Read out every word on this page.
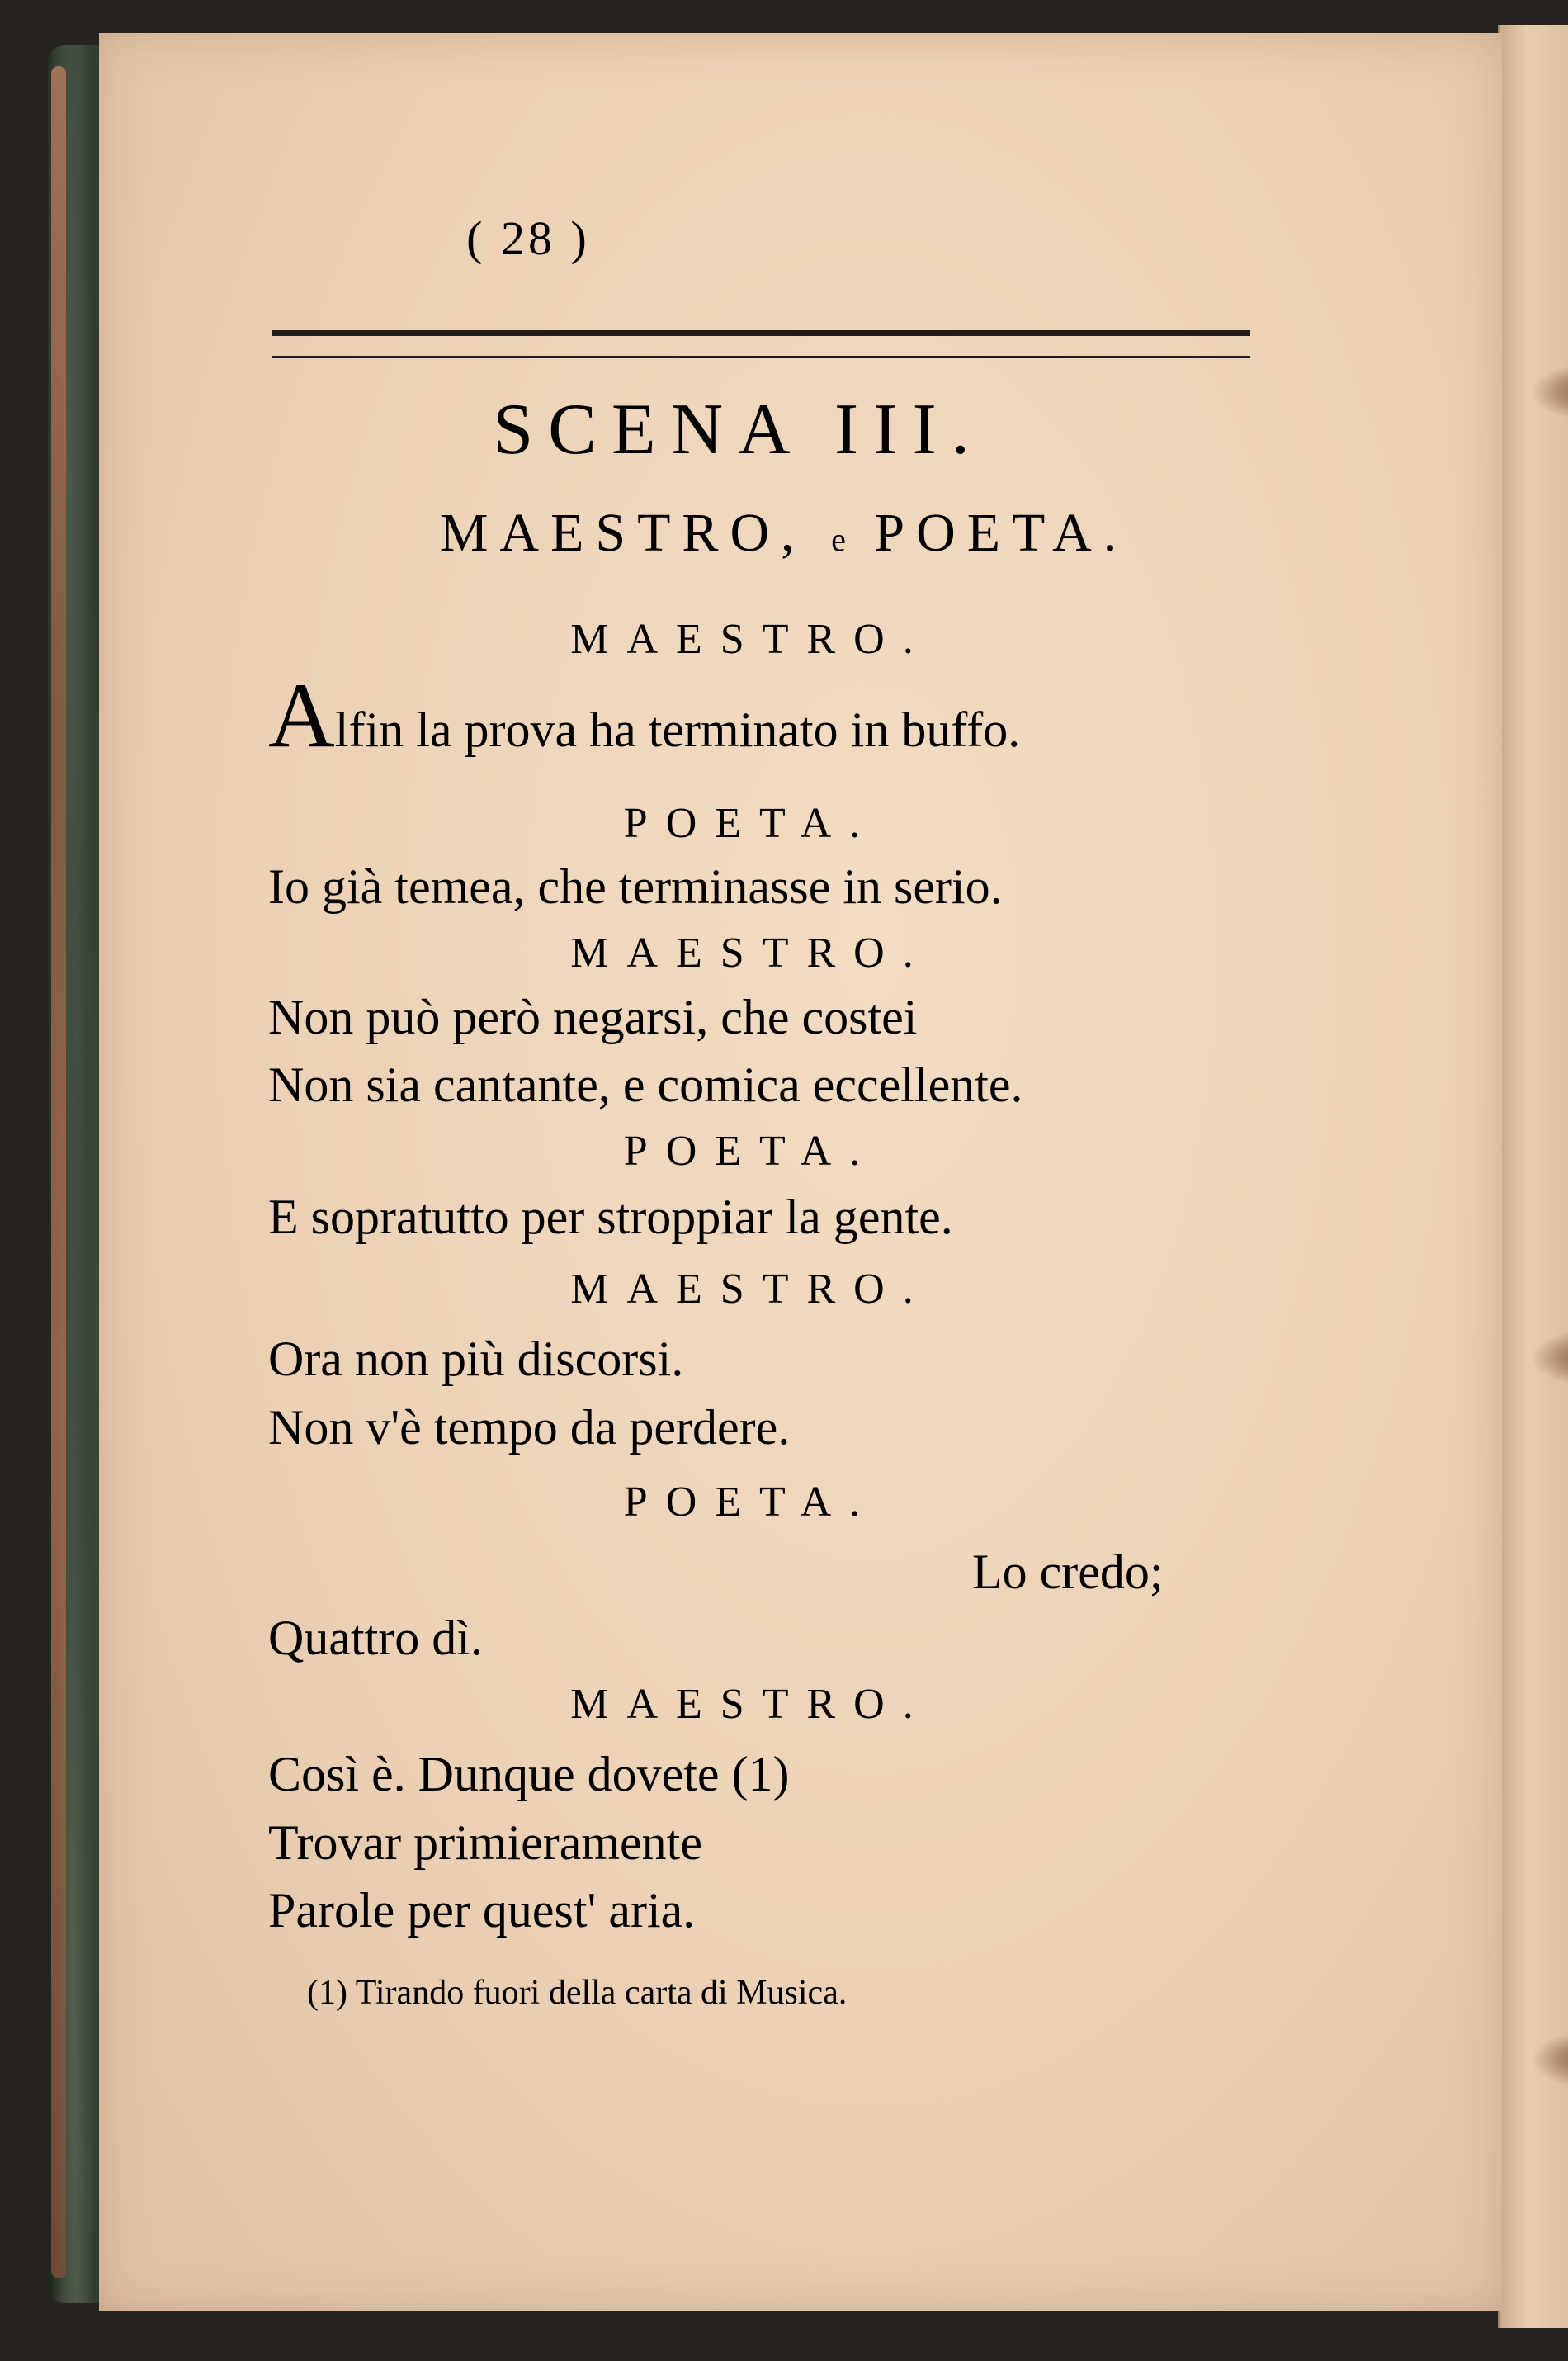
( 28 )
SCENA III.
MAESTRO, e POETA.
MAESTRO.
Alfin la prova ha terminato in buffo.
POETA.
Io già temea, che terminasse in serio.
MAESTRO.
Non può però negarsi, che costei
Non sia cantante, e comica eccellente.
POETA.
E sopratutto per stroppiar la gente.
MAESTRO.
Ora non più discorsi.
Non v'è tempo da perdere.
POETA.
Lo credo;
Quattro dì.
MAESTRO.
Così è. Dunque dovete (1)
Trovar primieramente
Parole per quest' aria.
(1) Tirando fuori della carta di Musica.
